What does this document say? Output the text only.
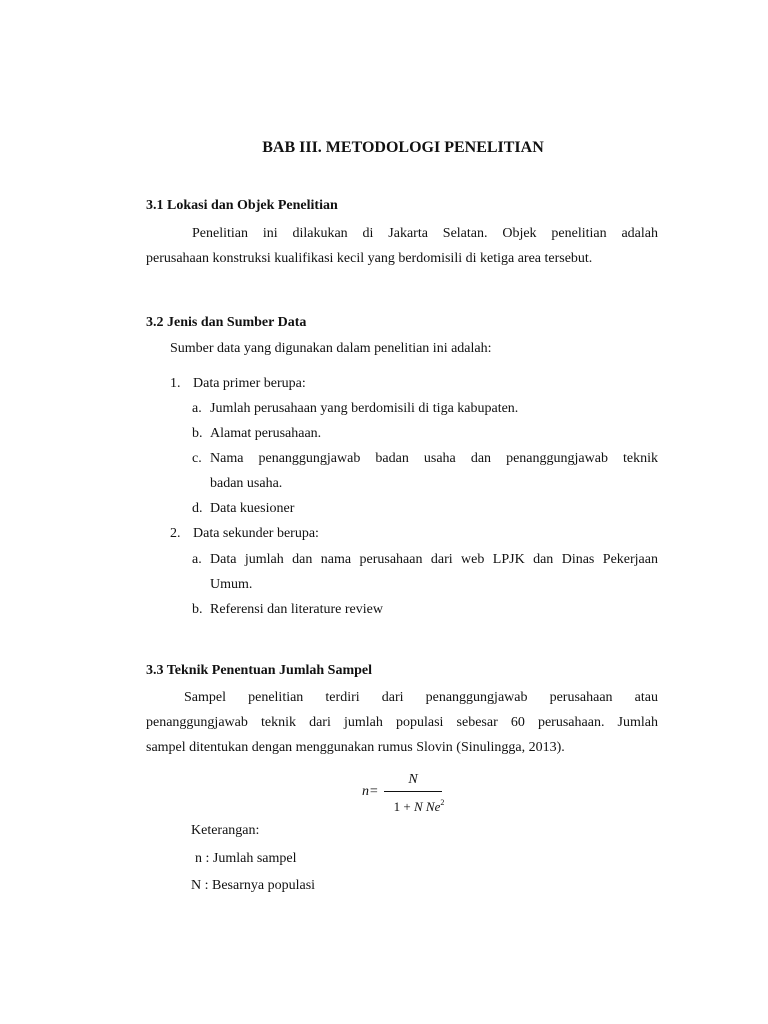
BAB III. METODOLOGI PENELITIAN
3.1 Lokasi dan Objek Penelitian
Penelitian ini dilakukan di Jakarta Selatan. Objek penelitian adalah
perusahaan konstruksi kualifikasi kecil yang berdomisili di ketiga area tersebut.
3.2 Jenis dan Sumber Data
Sumber data yang digunakan dalam penelitian ini adalah:
1. Data primer berupa:
a. Jumlah perusahaan yang berdomisili di tiga kabupaten.
b. Alamat perusahaan.
c. Nama penanggungjawab badan usaha dan penanggungjawab teknik
badan usaha.
d. Data kuesioner
2. Data sekunder berupa:
a. Data jumlah dan nama perusahaan dari web LPJK dan Dinas Pekerjaan
Umum.
b. Referensi dan literature review
3.3 Teknik Penentuan Jumlah Sampel
Sampel penelitian terdiri dari penanggungjawab perusahaan atau
penanggungjawab teknik dari jumlah populasi sebesar 60 perusahaan. Jumlah
sampel ditentukan dengan menggunakan rumus Slovin (Sinulingga, 2013).
n=
N
1 + N Ne$^2$
Keterangan:
n : Jumlah sampel
N : Besarnya populasi
